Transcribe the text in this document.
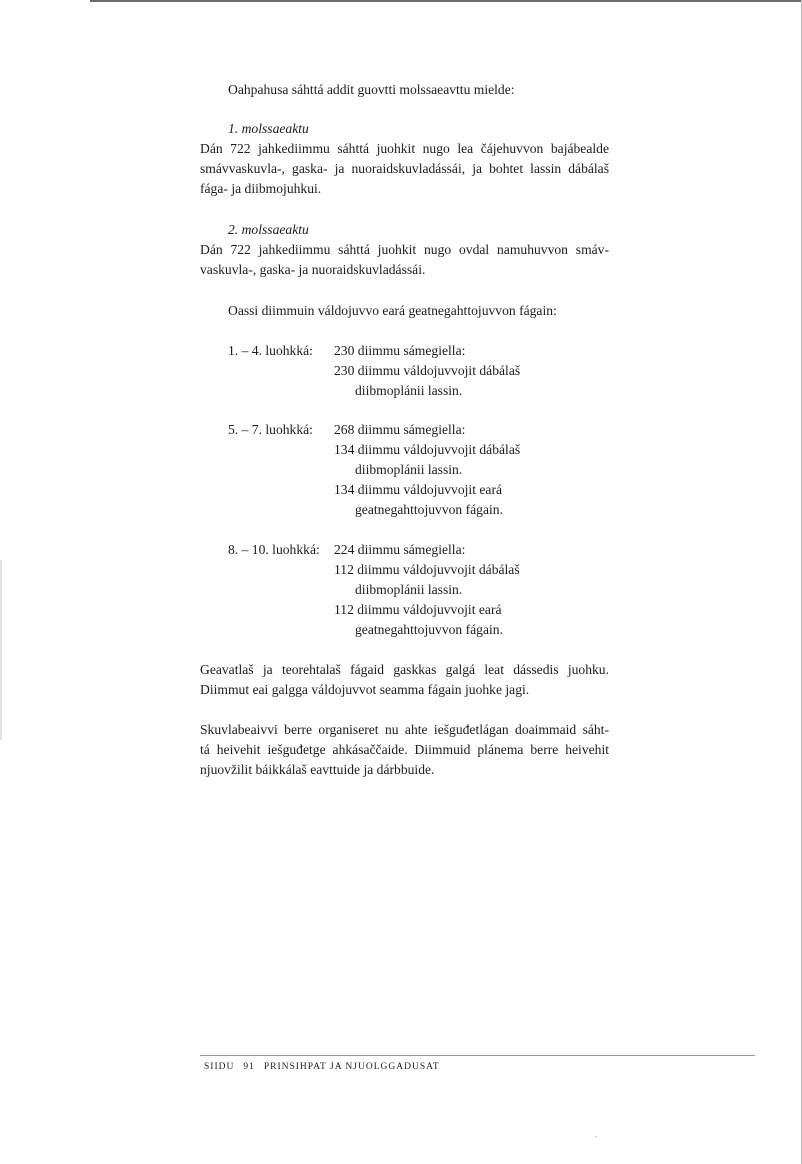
Oahpahusa sáhttá addit guovtti molssaeavttu mielde:

1. molssaeaktu

Dán 722 jahkediimmu sáhttá juohkit nugo lea čájehuvvon bajábealde
smávvaskuvla-, gaska- ja nuoraidskuvladássái, ja bohtet lassin dábálaš
fága- ja diibmojuhkui.

2. molssaeaktu

Dán 722 jahkediimmu sáhttá juohkit nugo ovdal namuhuvvon smáv-
vaskuvla-, gaska- ja nuoraidskuvladássái.

Oassi diimmuin váldojuvvo eará geatnegahttojuvvon fágain:

1. – 4. luohkká: 230 diimmu sámegiella:
230 diimmu váldojuvvojit dábálaš
diibmoplánii lassin.
5. – 7. luohkká: 268 diimmu sámegiella:
134 diimmu váldojuvvojit dábálaš
diibmoplánii lassin.
134 diimmu váldojuvvojit eará
geatnegahttojuvvon fágain.
8. – 10. luohkká: 224 diimmu sámegiella:
112 diimmu váldojuvvojit dábálaš
diibmoplánii lassin.
112 diimmu váldojuvvojit eará
geatnegahttojuvvon fágain.
Geavatlaš ja teorehtalaš fágaid gaskkas galgá leat dássedis juohku.
Diimmut eai galgga váldojuvvot seamma fágain juohke jagi.
Skuvlabeaivvi berre organiseret nu ahte iešguđetlágan doaimmaid sáht-
tá heivehit iešguđetge ahkásaččaide. Diimmuid plánema berre heivehit
njuovžilit báikkálaš eavttuide ja dárbbuide.
SIIDU 91 PRINSIHPAT JA NJUOLGGADUSAT
